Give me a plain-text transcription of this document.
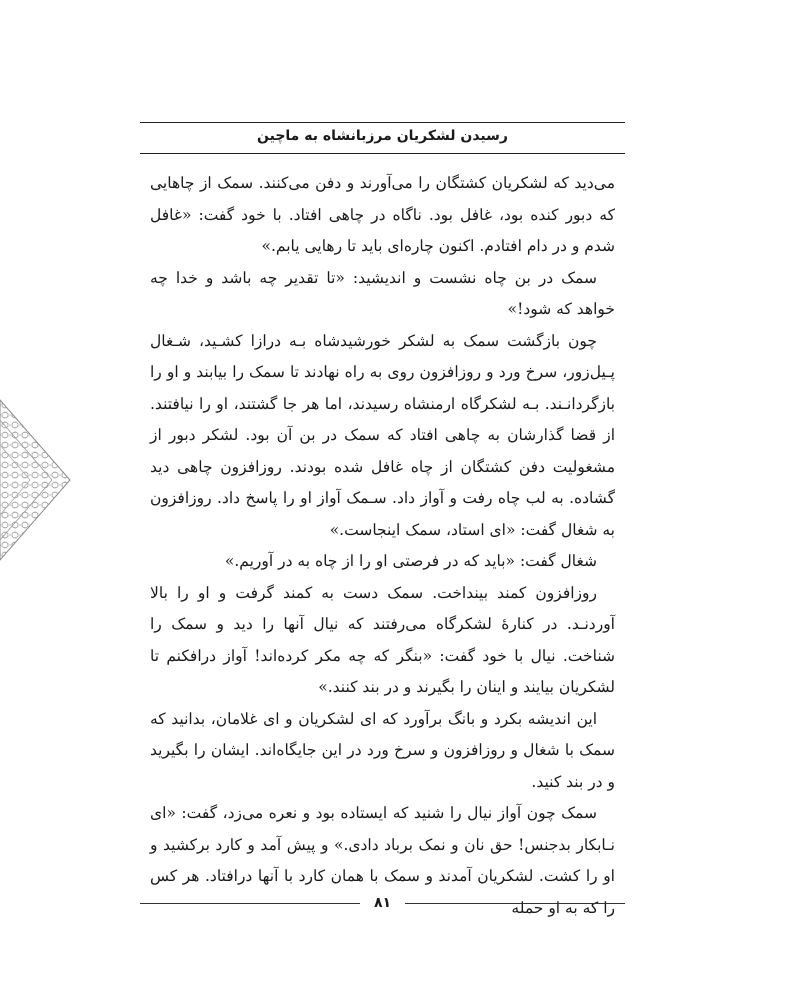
رسیدن لشکریان مرزبانشاه به ماچین

می‌دید که لشکریان کشتگان را می‌آورند و دفن می‌کنند. سمک از چاهایی که دبور کنده بود، غافل بود. ناگاه در چاهی افتاد. با خود گفت: «غافل شدم و در دام افتادم. اکنون چاره‌ای باید تا رهایی یابم.»

سمک در بن چاه نشست و اندیشید: «تا تقدیر چه باشد و خدا چه خواهد که شود!»

چون بازگشت سمک به لشکر خورشیدشاه بـه درازا کشـید، شـغال پـیل‌زور، سرخ ورد و روزافزون روی به راه نهادند تا سمک را بیابند و او را بازگردانـند. بـه لشکرگاه ارمنشاه رسیدند، اما هر جا گشتند، او را نیافتند. از قضا گذارشان به چاهی افتاد که سمک در بن آن بود. لشکر دبور از مشغولیت دفن کشتگان از چاه غافل شده بودند. روزافزون چاهی دید گشاده. به لب چاه رفت و آواز داد. سـمک آواز او را پاسخ داد. روزافزون به شغال گفت: «ای استاد، سمک اینجاست.»

شغال گفت: «باید که در فرصتی او را از چاه به در آوریم.»

روزافزون کمند بینداخت. سمک دست به کمند گرفت و او را بالا آوردنـد. در کنارهٔ لشکرگاه می‌رفتند که نیال آنها را دید و سمک را شناخت. نیال با خود گفت: «بنگر که چه مکر کرده‌اند! آواز درافکنم تا لشکریان بیایند و اینان را بگیرند و در بند کنند.»

این اندیشه بکرد و بانگ برآورد که ای لشکریان و ای غلامان، بدانید که سمک با شغال و روزافزون و سرخ ورد در این جایگاه‌اند. ایشان را بگیرید و در بند کنید.

سمک چون آواز نیال را شنید که ایستاده بود و نعره می‌زد، گفت: «ای نـابکار بدجنس! حق نان و نمک برباد دادی.» و پیش آمد و کارد برکشید و او را کشت. لشکریان آمدند و سمک با همان کارد با آنها درافتاد. هر کس را که به او حمله

۸۱
